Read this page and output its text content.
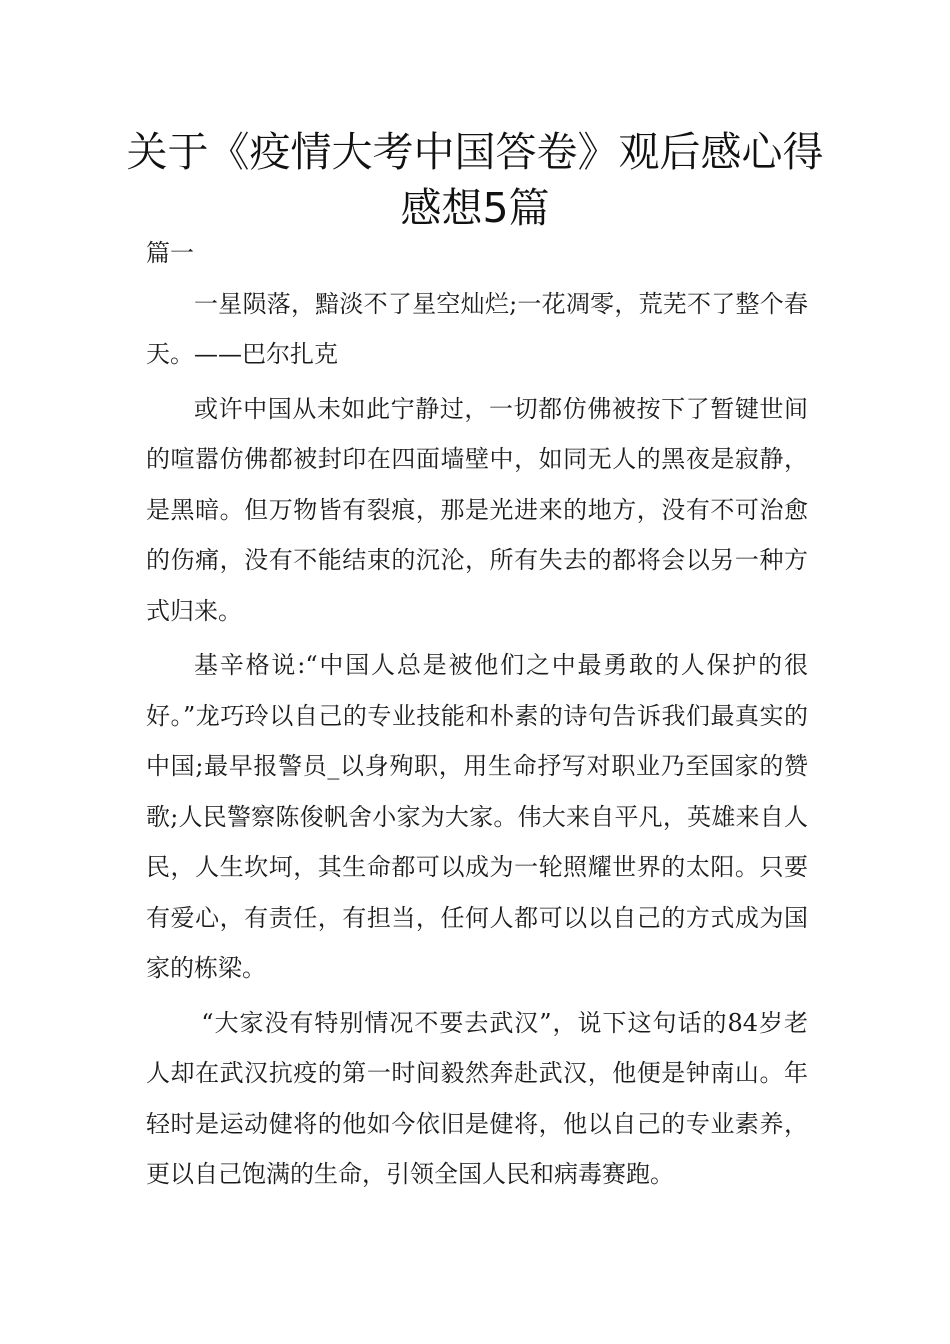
关于《疫情大考中国答卷》观后感心得
感想5篇

篇一

一星陨落，黯淡不了星空灿烂;一花凋零，荒芜不了整个春天。——巴尔扎克

或许中国从未如此宁静过，一切都仿佛被按下了暂键世间的喧嚣仿佛都被封印在四面墙壁中，如同无人的黑夜是寂静，是黑暗。但万物皆有裂痕，那是光进来的地方，没有不可治愈的伤痛，没有不能结束的沉沦，所有失去的都将会以另一种方式归来。

基辛格说:“中国人总是被他们之中最勇敢的人保护的很好。”龙巧玲以自己的专业技能和朴素的诗句告诉我们最真实的中国;最早报警员_以身殉职，用生命抒写对职业乃至国家的赞歌;人民警察陈俊帆舍小家为大家。伟大来自平凡，英雄来自人民，人生坎坷，其生命都可以成为一轮照耀世界的太阳。只要有爱心，有责任，有担当，任何人都可以以自己的方式成为国家的栋梁。

“大家没有特别情况不要去武汉”，说下这句话的84岁老人却在武汉抗疫的第一时间毅然奔赴武汉，他便是钟南山。年轻时是运动健将的他如今依旧是健将，他以自己的专业素养，更以自己饱满的生命，引领全国人民和病毒赛跑。
